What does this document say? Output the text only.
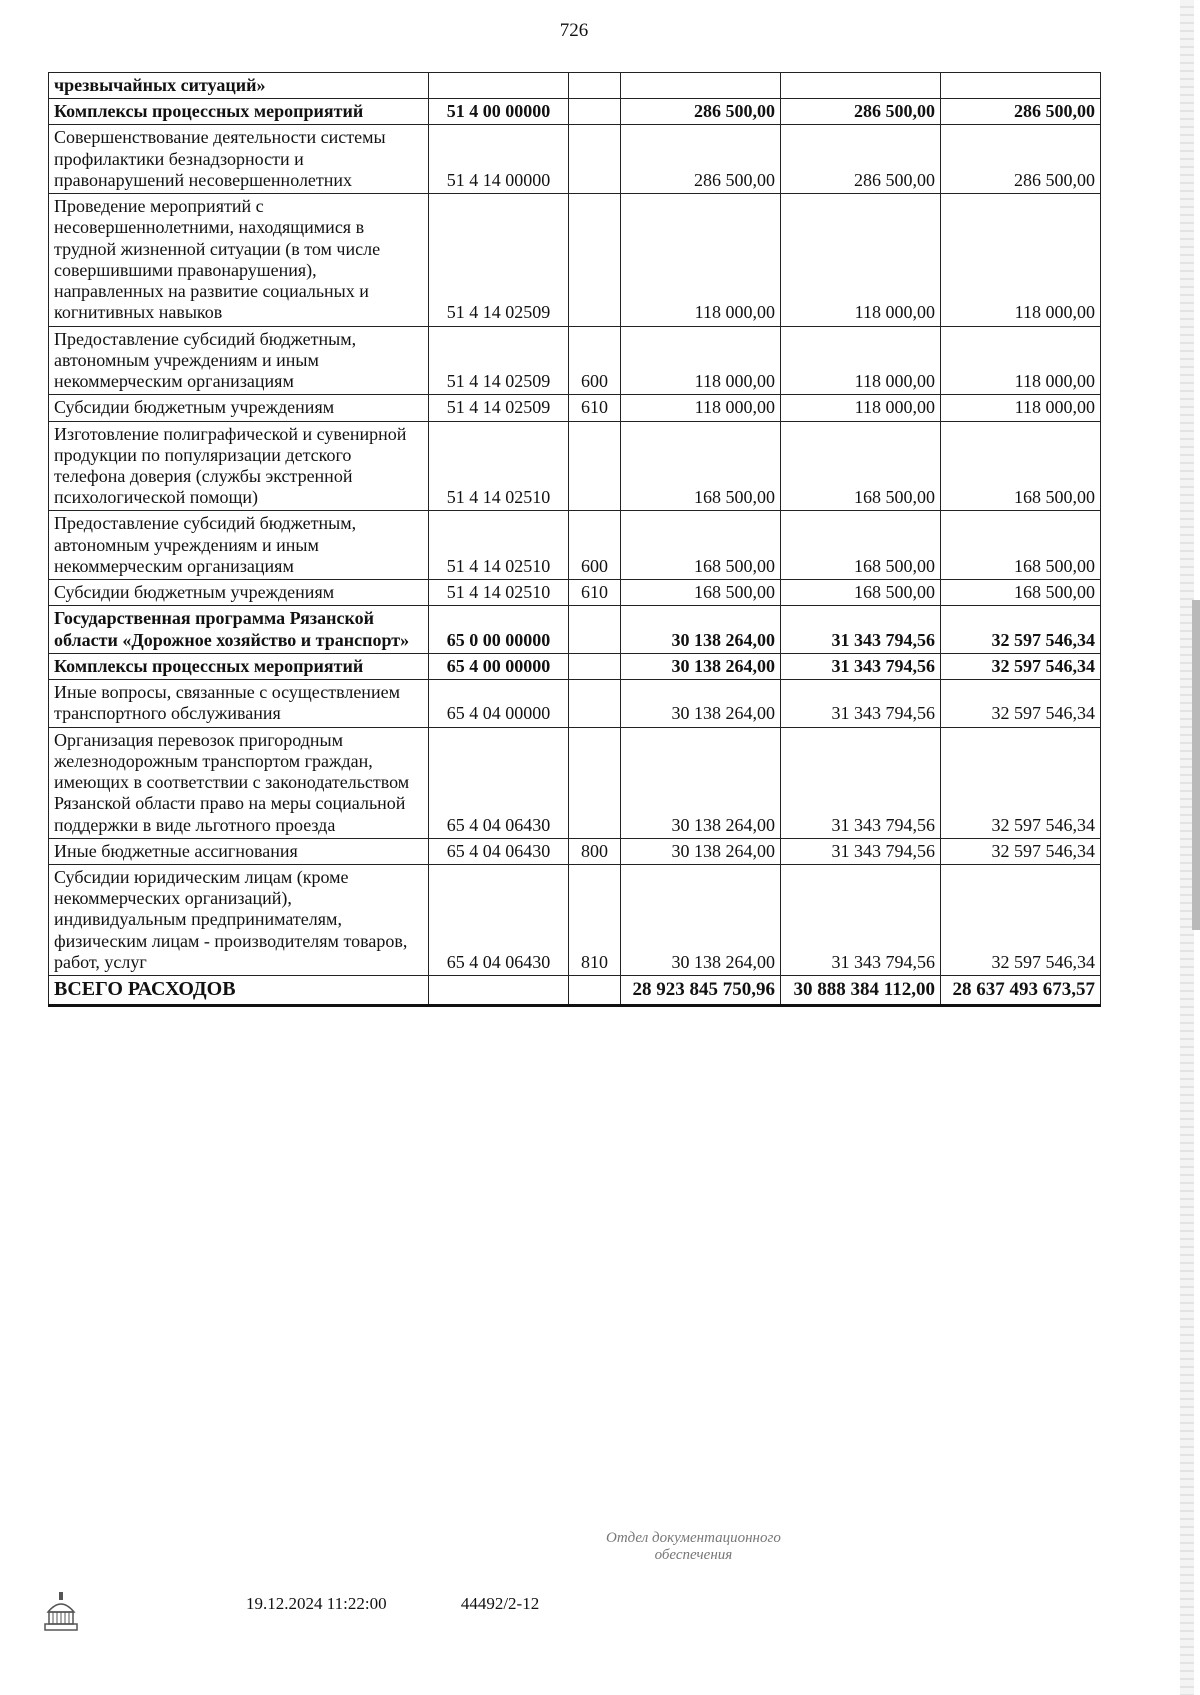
726
чрезвычайных ситуаций»					
Комплексы процессных мероприятий	51 4 00 00000		286 500,00	286 500,00	286 500,00
Совершенствование деятельности системы профилактики безнадзорности и правонарушений несовершеннолетних	51 4 14 00000		286 500,00	286 500,00	286 500,00
Проведение мероприятий с несовершеннолетними, находящимися в трудной жизненной ситуации (в том числе совершившими правонарушения), направленных на развитие социальных и когнитивных навыков	51 4 14 02509		118 000,00	118 000,00	118 000,00
Предоставление субсидий бюджетным, автономным учреждениям и иным некоммерческим организациям	51 4 14 02509	600	118 000,00	118 000,00	118 000,00
Субсидии бюджетным учреждениям	51 4 14 02509	610	118 000,00	118 000,00	118 000,00
Изготовление полиграфической и сувенирной продукции по популяризации детского телефона доверия (службы экстренной психологической помощи)	51 4 14 02510		168 500,00	168 500,00	168 500,00
Предоставление субсидий бюджетным, автономным учреждениям и иным некоммерческим организациям	51 4 14 02510	600	168 500,00	168 500,00	168 500,00
Субсидии бюджетным учреждениям	51 4 14 02510	610	168 500,00	168 500,00	168 500,00
Государственная программа Рязанской области «Дорожное хозяйство и транспорт»	65 0 00 00000		30 138 264,00	31 343 794,56	32 597 546,34
Комплексы процессных мероприятий	65 4 00 00000		30 138 264,00	31 343 794,56	32 597 546,34
Иные вопросы, связанные с осуществлением транспортного обслуживания	65 4 04 00000		30 138 264,00	31 343 794,56	32 597 546,34
Организация перевозок пригородным железнодорожным транспортом граждан, имеющих в соответствии с законодательством Рязанской области право на меры социальной поддержки в виде льготного проезда	65 4 04 06430		30 138 264,00	31 343 794,56	32 597 546,34
Иные бюджетные ассигнования	65 4 04 06430	800	30 138 264,00	31 343 794,56	32 597 546,34
Субсидии юридическим лицам (кроме некоммерческих организаций), индивидуальным предпринимателям, физическим лицам - производителям товаров, работ, услуг	65 4 04 06430	810	30 138 264,00	31 343 794,56	32 597 546,34
ВСЕГО РАСХОДОВ			28 923 845 750,96	30 888 384 112,00	28 637 493 673,57
19.12.2024 11:22:00	44492/2-12
Отдел документационного
обеспечения
